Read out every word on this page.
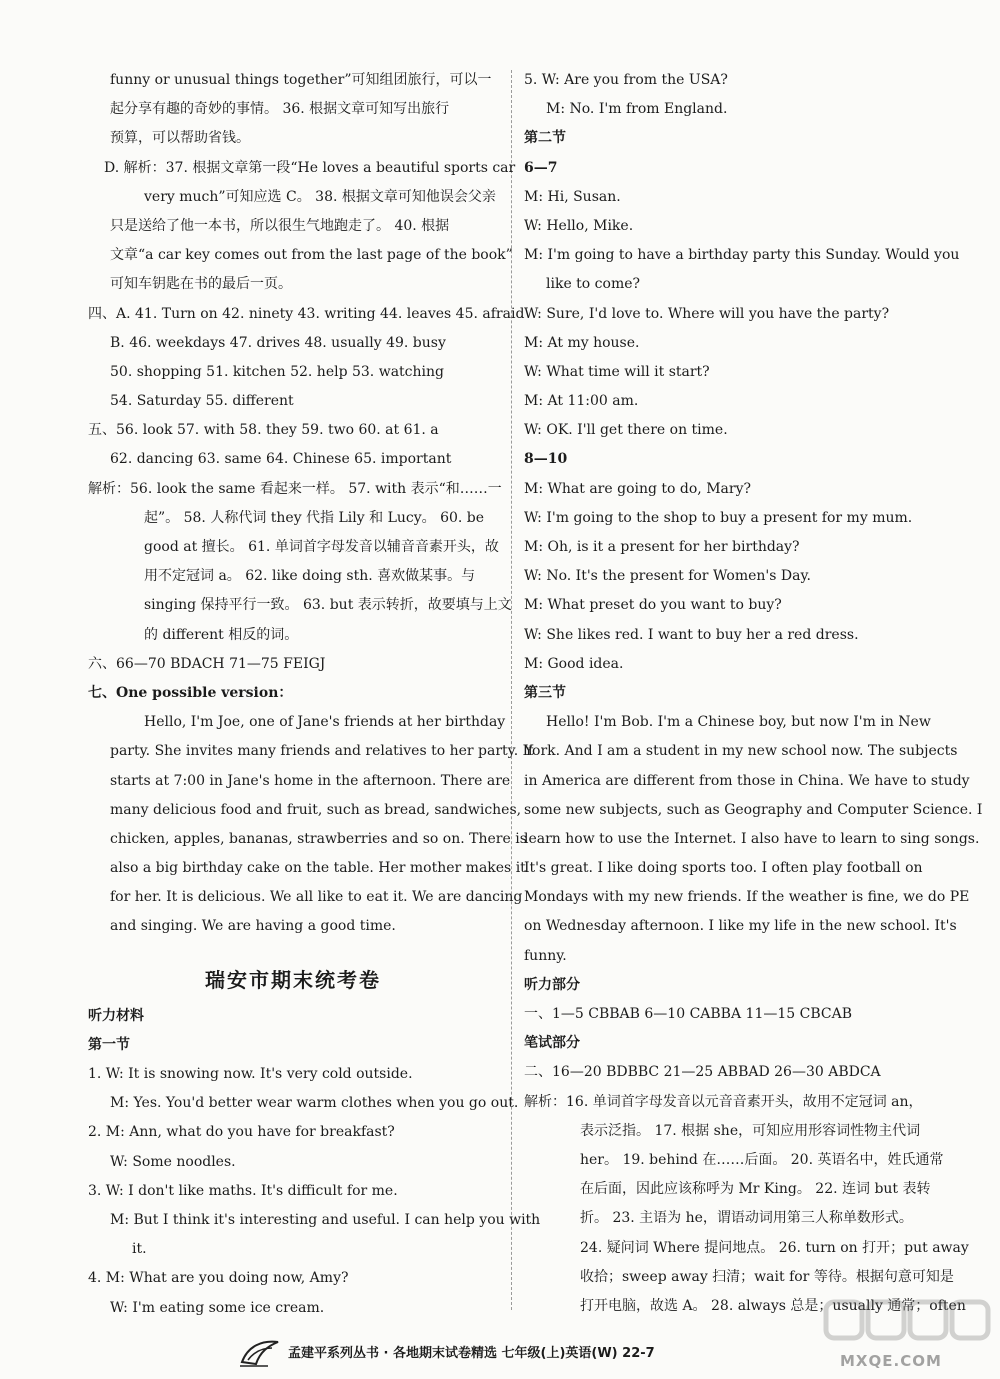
funny or unusual things together”可知组团旅行，可以一
起分享有趣的奇妙的事情。 36. 根据文章可知写出旅行
预算，可以帮助省钱。
D. 解析：37. 根据文章第一段“He loves a beautiful sports car
very much”可知应选 C。 38. 根据文章可知他误会父亲
只是送给了他一本书，所以很生气地跑走了。 40. 根据
文章“a car key comes out from the last page of the book”
可知车钥匙在书的最后一页。
四、A. 41. Turn on 42. ninety 43. writing 44. leaves 45. afraid
B. 46. weekdays 47. drives 48. usually 49. busy
50. shopping 51. kitchen 52. help 53. watching
54. Saturday 55. different
五、56. look 57. with 58. they 59. two 60. at 61. a
62. dancing 63. same 64. Chinese 65. important
解析：56. look the same 看起来一样。 57. with 表示“和……一
起”。 58. 人称代词 they 代指 Lily 和 Lucy。 60. be
good at 擅长。 61. 单词首字母发音以辅音音素开头，故
用不定冠词 a。 62. like doing sth. 喜欢做某事。与
singing 保持平行一致。 63. but 表示转折，故要填与上文
的 different 相反的词。
六、66—70 BDACH 71—75 FEIGJ
七、One possible version：
Hello, I'm Joe, one of Jane's friends at her birthday
party. She invites many friends and relatives to her party. It
starts at 7:00 in Jane's home in the afternoon. There are
many delicious food and fruit, such as bread, sandwiches,
chicken, apples, bananas, strawberries and so on. There is
also a big birthday cake on the table. Her mother makes it
for her. It is delicious. We all like to eat it. We are dancing
and singing. We are having a good time.
瑞安市期末统考卷
听力材料
第一节
1. W: It is snowing now. It's very cold outside.
M: Yes. You'd better wear warm clothes when you go out.
2. M: Ann, what do you have for breakfast?
W: Some noodles.
3. W: I don't like maths. It's difficult for me.
M: But I think it's interesting and useful. I can help you with
it.
4. M: What are you doing now, Amy?
W: I'm eating some ice cream.
5. W: Are you from the USA?
M: No. I'm from England.
第二节
6—7
M: Hi, Susan.
W: Hello, Mike.
M: I'm going to have a birthday party this Sunday. Would you
like to come?
W: Sure, I'd love to. Where will you have the party?
M: At my house.
W: What time will it start?
M: At 11:00 am.
W: OK. I'll get there on time.
8—10
M: What are going to do, Mary?
W: I'm going to the shop to buy a present for my mum.
M: Oh, is it a present for her birthday?
W: No. It's the present for Women's Day.
M: What preset do you want to buy?
W: She likes red. I want to buy her a red dress.
M: Good idea.
第三节
Hello! I'm Bob. I'm a Chinese boy, but now I'm in New
York. And I am a student in my new school now. The subjects
in America are different from those in China. We have to study
some new subjects, such as Geography and Computer Science. I
learn how to use the Internet. I also have to learn to sing songs.
It's great. I like doing sports too. I often play football on
Mondays with my new friends. If the weather is fine, we do PE
on Wednesday afternoon. I like my life in the new school. It's
funny.
听力部分
一、1—5 CBBAB 6—10 CABBA 11—15 CBCAB
笔试部分
二、16—20 BDBBC 21—25 ABBAD 26—30 ABDCA
解析：16. 单词首字母发音以元音音素开头，故用不定冠词 an，
表示泛指。 17. 根据 she，可知应用形容词性物主代词
her。 19. behind 在……后面。 20. 英语名中，姓氏通常
在后面，因此应该称呼为 Mr King。 22. 连词 but 表转
折。 23. 主语为 he，谓语动词用第三人称单数形式。
24. 疑问词 Where 提问地点。 26. turn on 打开；put away
收拾；sweep away 扫清；wait for 等待。根据句意可知是
打开电脑，故选 A。 28. always 总是；usually 通常；often
孟建平系列丛书 · 各地期末试卷精选 七年级(上)英语(W) 22-7	MXQE.COM
